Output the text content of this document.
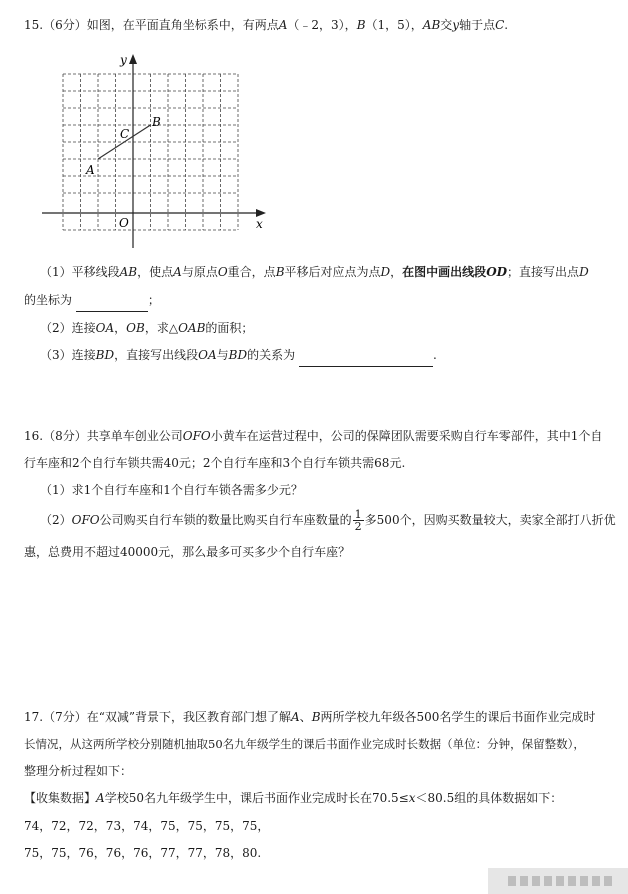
15.（6分）如图，在平面直角坐标系中，有两点A（﹣2，3），B（1，5），AB交y轴于点C.
y
x
O
A
B
C
（1）平移线段AB，使点A与原点O重合，点B平移后对应点为点D，在图中画出线段OD；直接写出点D
的坐标为	；
（2）连接OA，OB，求△OAB的面积；
（3）连接BD，直接写出线段OA与BD的关系为	.
16.（8分）共享单车创业公司OFO小黄车在运营过程中，公司的保障团队需要采购自行车零部件，其中1个自
行车座和2个自行车锁共需40元；2个自行车座和3个自行车锁共需68元.
（1）求1个自行车座和1个自行车锁各需多少元？
（2）OFO公司购买自行车锁的数量比购买自行车座数量的 $\frac{1}{2}$ 多500个，因购买数量较大，卖家全部打八折优
惠，总费用不超过40000元，那么最多可买多少个自行车座？
17.（7分）在“双减”背景下，我区教育部门想了解A、B两所学校九年级各500名学生的课后书面作业完成时
长情况，从这两所学校分别随机抽取50名九年级学生的课后书面作业完成时长数据（单位：分钟，保留整数），
整理分析过程如下：
【收集数据】A学校50名九年级学生中，课后书面作业完成时长在70.5≤x＜80.5组的具体数据如下：
74，72，72，73，74，75，75，75，75，
75，75，76，76，76，77，77，78，80.
